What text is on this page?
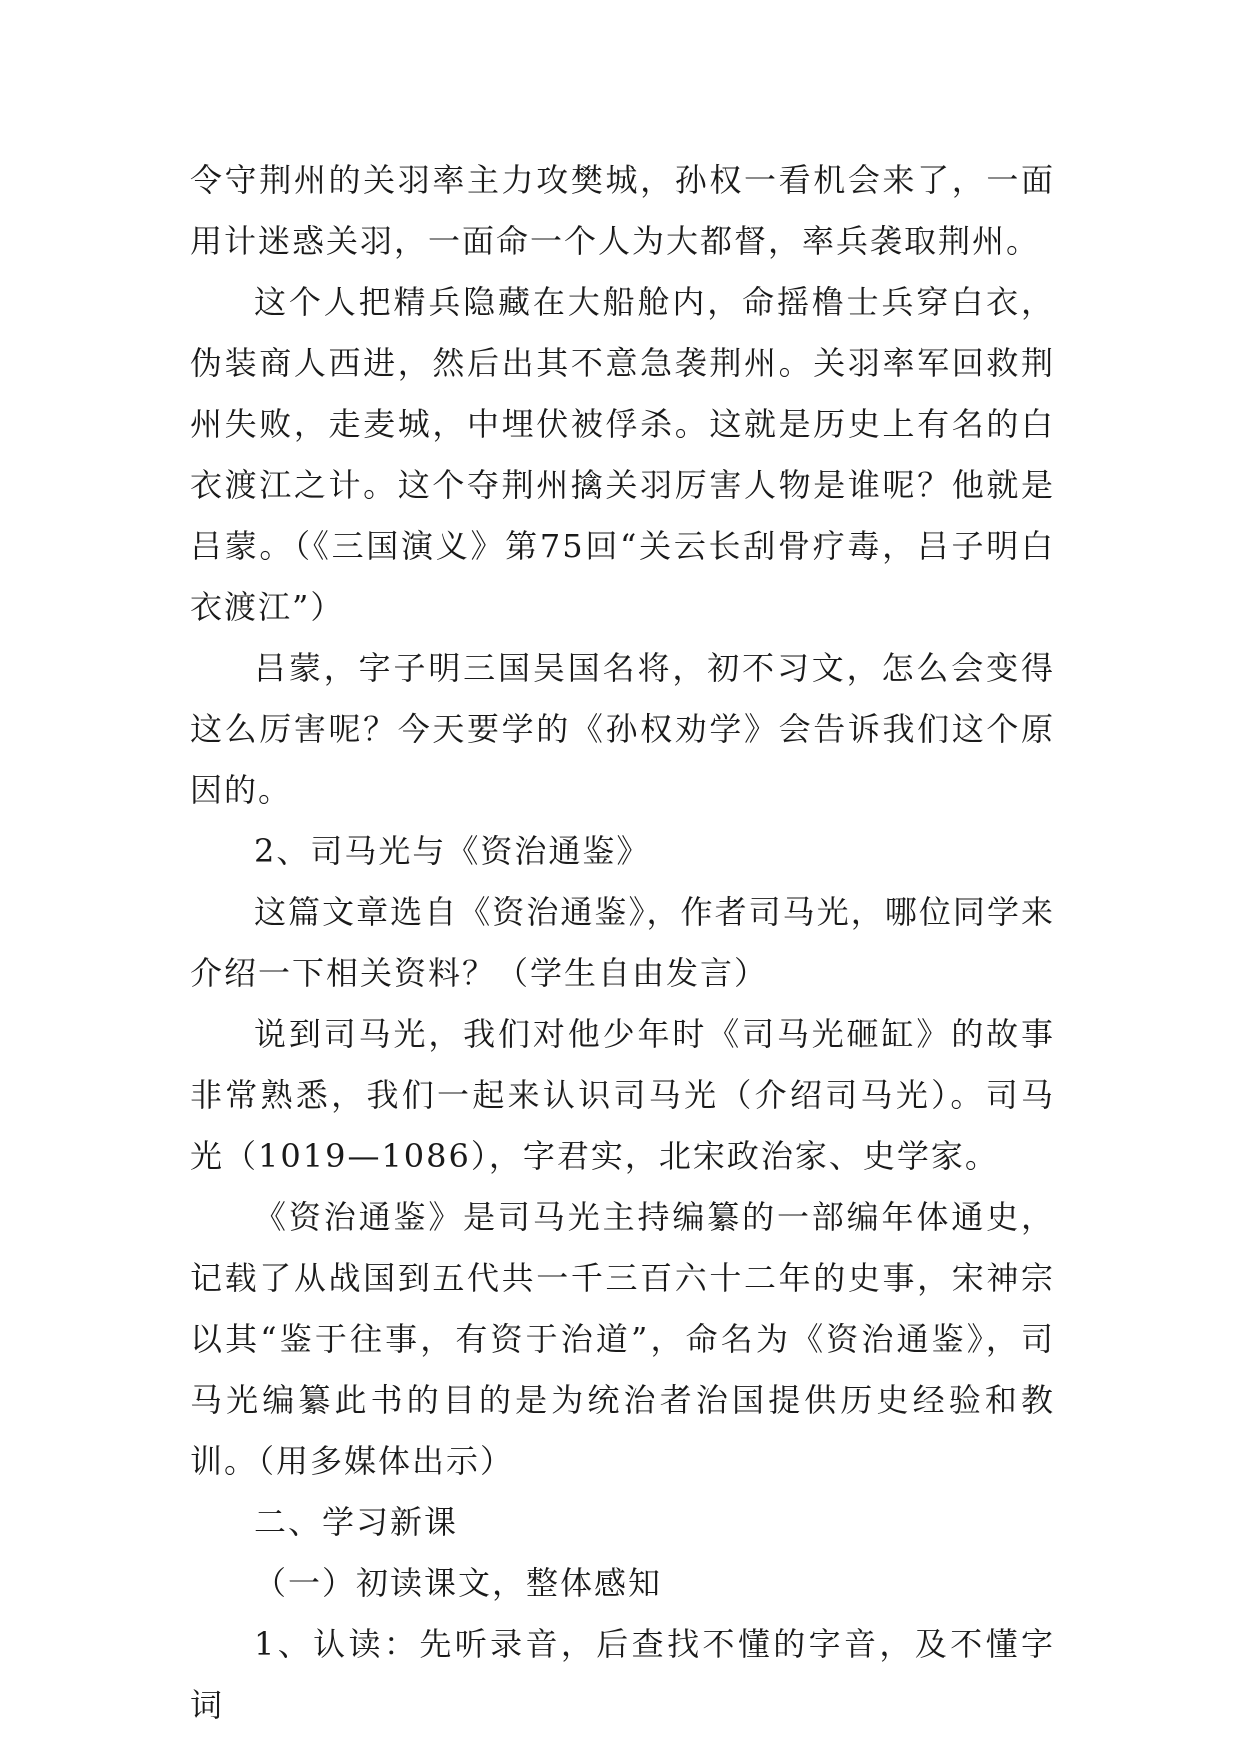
令守荆州的关羽率主力攻樊城，孙权一看机会来了，一面用计迷惑关羽，一面命一个人为大都督，率兵袭取荆州。

这个人把精兵隐藏在大船舱内，命摇橹士兵穿白衣，伪装商人西进，然后出其不意急袭荆州。关羽率军回救荆州失败，走麦城，中埋伏被俘杀。这就是历史上有名的白衣渡江之计。这个夺荆州擒关羽厉害人物是谁呢？他就是吕蒙。（《三国演义》第75回“关云长刮骨疗毒，吕子明白衣渡江”）

吕蒙，字子明三国吴国名将，初不习文，怎么会变得这么厉害呢？今天要学的《孙权劝学》会告诉我们这个原因的。

2、司马光与《资治通鉴》

这篇文章选自《资治通鉴》，作者司马光，哪位同学来介绍一下相关资料？（学生自由发言）

说到司马光，我们对他少年时《司马光砸缸》的故事非常熟悉，我们一起来认识司马光（介绍司马光）。司马光（1019—1086），字君实，北宋政治家、史学家。

《资治通鉴》是司马光主持编纂的一部编年体通史，记载了从战国到五代共一千三百六十二年的史事，宋神宗以其“鉴于往事，有资于治道”，命名为《资治通鉴》，司马光编纂此书的目的是为统治者治国提供历史经验和教训。（用多媒体出示）

二、学习新课

（一）初读课文，整体感知

1、认读：先听录音，后查找不懂的字音，及不懂字词
